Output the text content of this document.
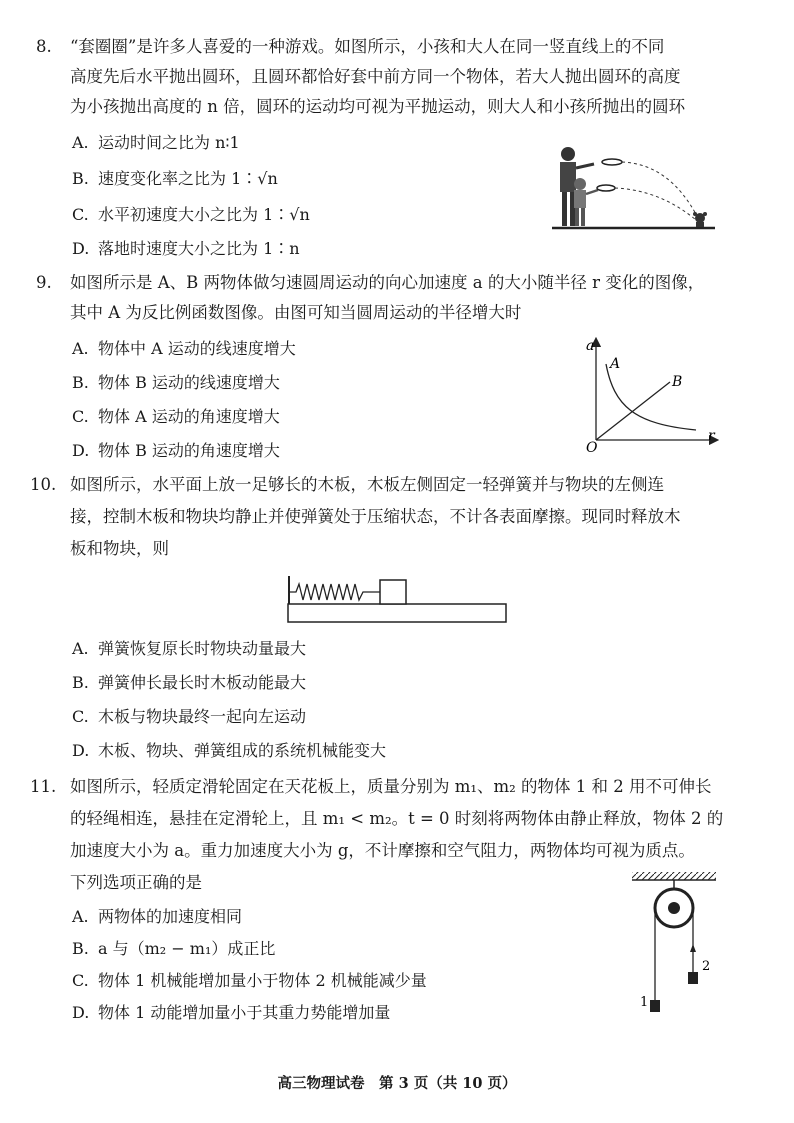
8. “套圈圈”是许多人喜爱的一种游戏。如图所示，小孩和大人在同一竖直线上的不同
高度先后水平抛出圆环，且圆环都恰好套中前方同一个物体，若大人抛出圆环的高度
为小孩抛出高度的 n 倍，圆环的运动均可视为平抛运动，则大人和小孩所抛出的圆环
A. 运动时间之比为 n∶1
B. 速度变化率之比为 1∶√n
C. 水平初速度大小之比为 1∶√n
D. 落地时速度大小之比为 1∶n
9. 如图所示是 A、B 两物体做匀速圆周运动的向心加速度 a 的大小随半径 r 变化的图像，
其中 A 为反比例函数图像。由图可知当圆周运动的半径增大时
A. 物体中 A 运动的线速度增大
B. 物体 B 运动的线速度增大
C. 物体 A 运动的角速度增大
D. 物体 B 运动的角速度增大
a
r
O
A
B
10. 如图所示，水平面上放一足够长的木板，木板左侧固定一轻弹簧并与物块的左侧连
接，控制木板和物块均静止并使弹簧处于压缩状态，不计各表面摩擦。现同时释放木
板和物块，则
A. 弹簧恢复原长时物块动量最大
B. 弹簧伸长最长时木板动能最大
C. 木板与物块最终一起向左运动
D. 木板、物块、弹簧组成的系统机械能变大
11. 如图所示，轻质定滑轮固定在天花板上，质量分别为 m₁、m₂ 的物体 1 和 2 用不可伸长
的轻绳相连，悬挂在定滑轮上，且 m₁ < m₂。t = 0 时刻将两物体由静止释放，物体 2 的
加速度大小为 a。重力加速度大小为 g，不计摩擦和空气阻力，两物体均可视为质点。
下列选项正确的是
A. 两物体的加速度相同
B. a 与（m₂ − m₁）成正比
C. 物体 1 机械能增加量小于物体 2 机械能减少量
D. 物体 1 动能增加量小于其重力势能增加量
1
2
高三物理试卷　第 3 页（共 10 页）
